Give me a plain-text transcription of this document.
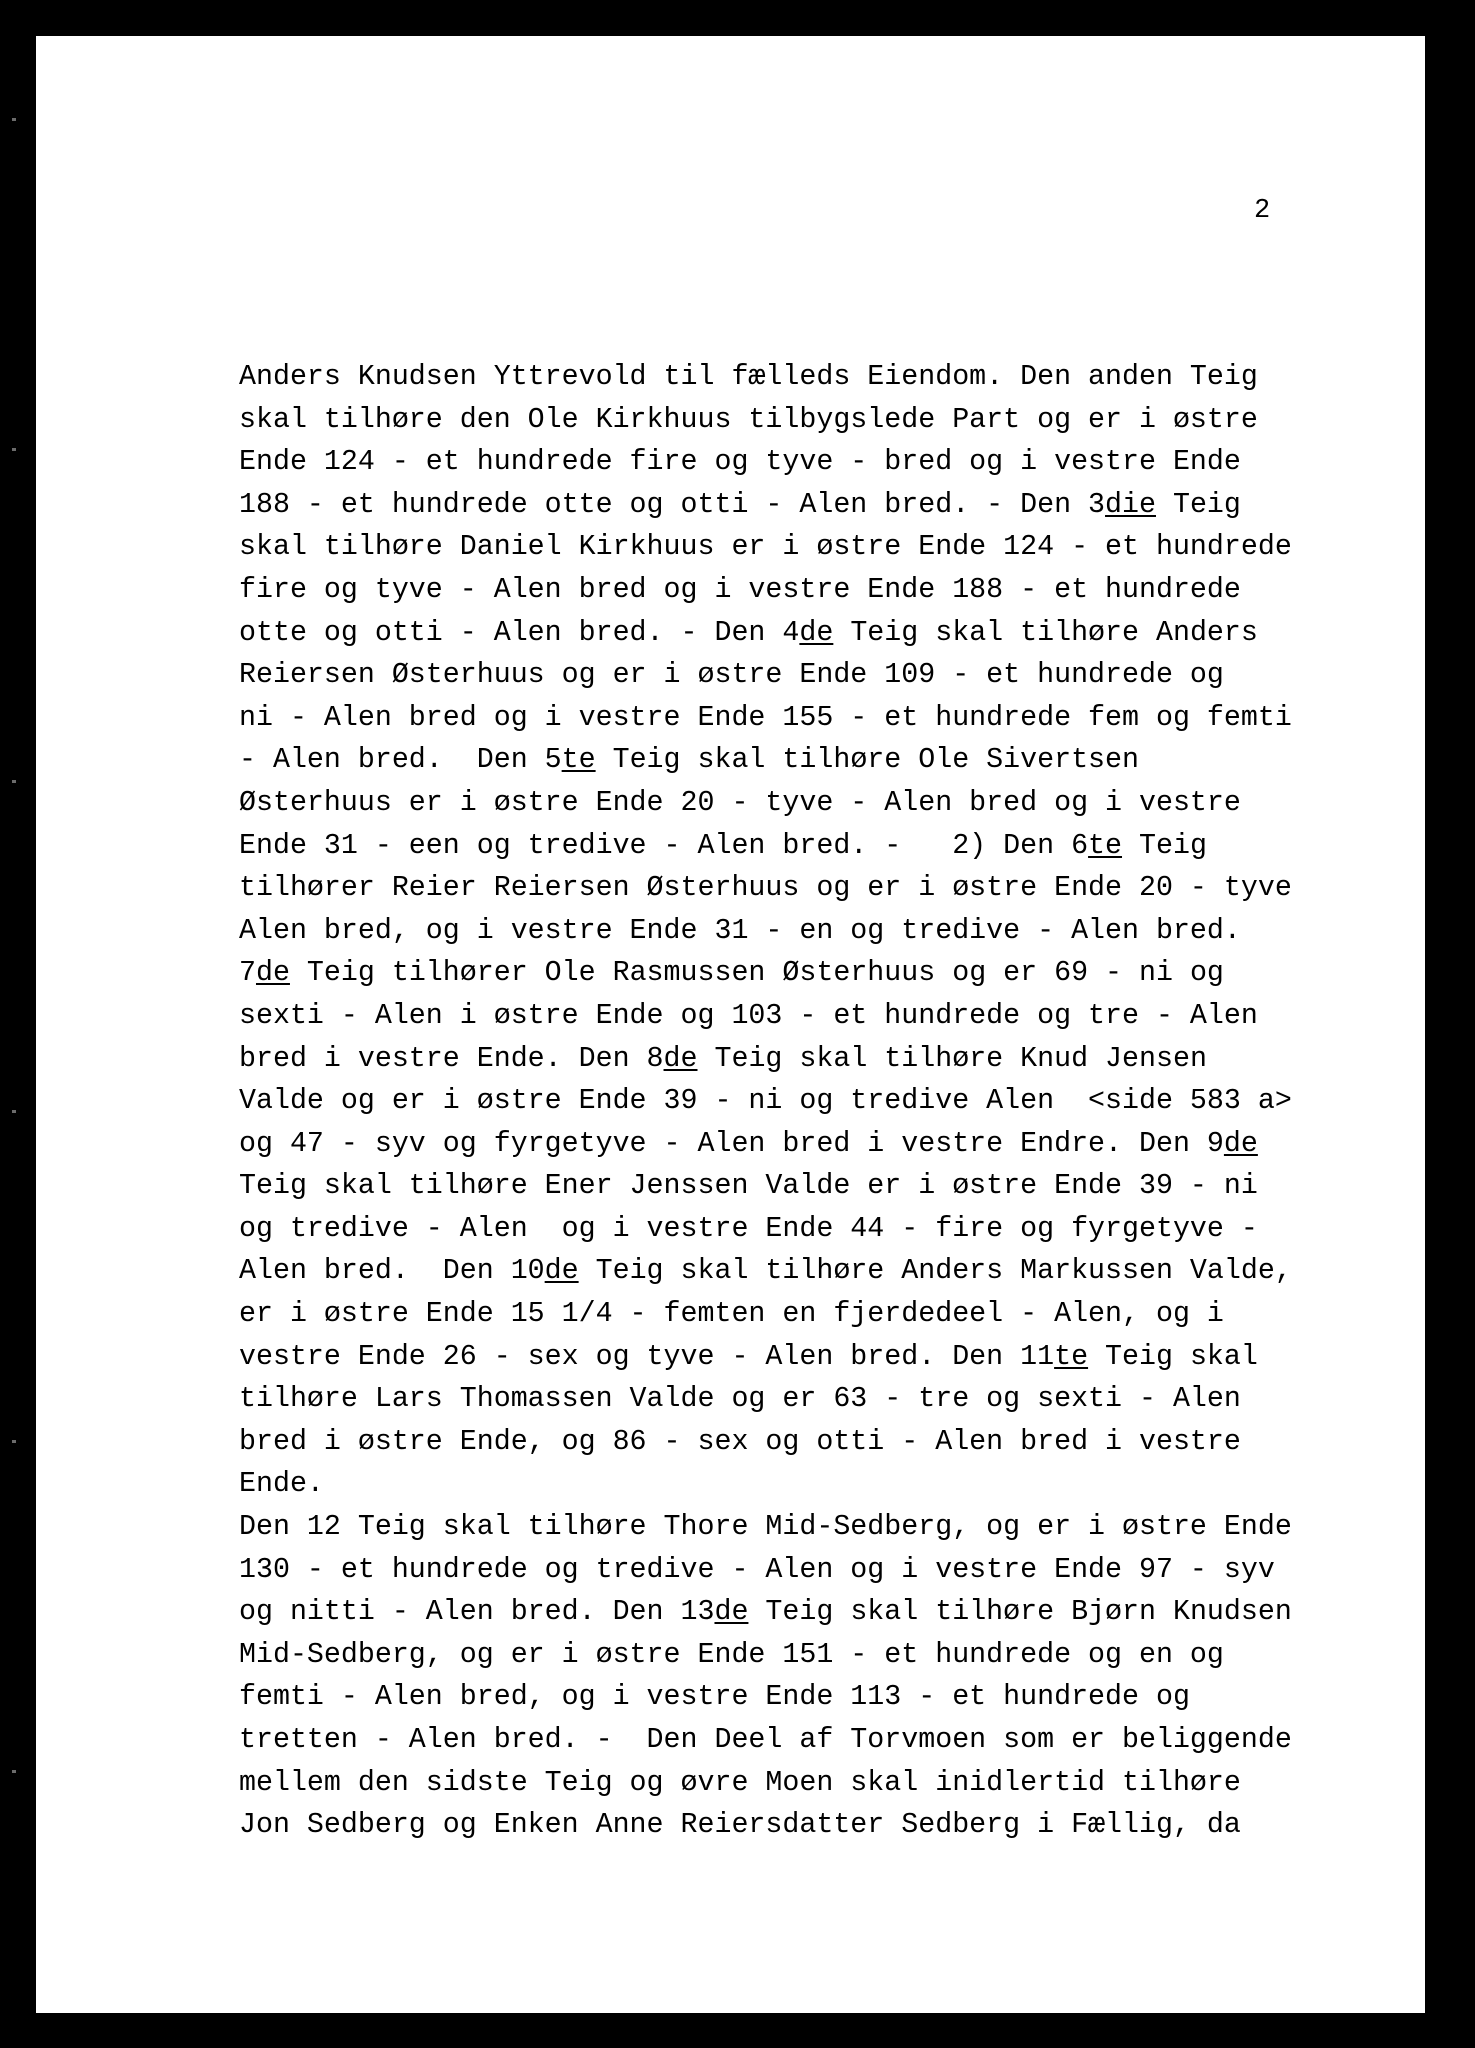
2
Anders Knudsen Yttrevold til fælleds Eiendom. Den anden Teig
skal tilhøre den Ole Kirkhuus tilbygslede Part og er i østre
Ende 124 - et hundrede fire og tyve - bred og i vestre Ende
188 - et hundrede otte og otti - Alen bred. - Den 3die Teig
skal tilhøre Daniel Kirkhuus er i østre Ende 124 - et hundrede
fire og tyve - Alen bred og i vestre Ende 188 - et hundrede
otte og otti - Alen bred. - Den 4de Teig skal tilhøre Anders
Reiersen Østerhuus og er i østre Ende 109 - et hundrede og
ni - Alen bred og i vestre Ende 155 - et hundrede fem og femti
- Alen bred.  Den 5te Teig skal tilhøre Ole Sivertsen
Østerhuus er i østre Ende 20 - tyve - Alen bred og i vestre
Ende 31 - een og tredive - Alen bred. -   2) Den 6te Teig
tilhører Reier Reiersen Østerhuus og er i østre Ende 20 - tyve
Alen bred, og i vestre Ende 31 - en og tredive - Alen bred.
7de Teig tilhører Ole Rasmussen Østerhuus og er 69 - ni og
sexti - Alen i østre Ende og 103 - et hundrede og tre - Alen
bred i vestre Ende. Den 8de Teig skal tilhøre Knud Jensen
Valde og er i østre Ende 39 - ni og tredive Alen  <side 583 a>
og 47 - syv og fyrgetyve - Alen bred i vestre Endre. Den 9de
Teig skal tilhøre Ener Jenssen Valde er i østre Ende 39 - ni
og tredive - Alen  og i vestre Ende 44 - fire og fyrgetyve -
Alen bred.  Den 10de Teig skal tilhøre Anders Markussen Valde,
er i østre Ende 15 1/4 - femten en fjerdedeel - Alen, og i
vestre Ende 26 - sex og tyve - Alen bred. Den 11te Teig skal
tilhøre Lars Thomassen Valde og er 63 - tre og sexti - Alen
bred i østre Ende, og 86 - sex og otti - Alen bred i vestre
Ende.
Den 12 Teig skal tilhøre Thore Mid-Sedberg, og er i østre Ende
130 - et hundrede og tredive - Alen og i vestre Ende 97 - syv
og nitti - Alen bred. Den 13de Teig skal tilhøre Bjørn Knudsen
Mid-Sedberg, og er i østre Ende 151 - et hundrede og en og
femti - Alen bred, og i vestre Ende 113 - et hundrede og
tretten - Alen bred. -  Den Deel af Torvmoen som er beliggende
mellem den sidste Teig og øvre Moen skal inidlertid tilhøre
Jon Sedberg og Enken Anne Reiersdatter Sedberg i Fællig, da
